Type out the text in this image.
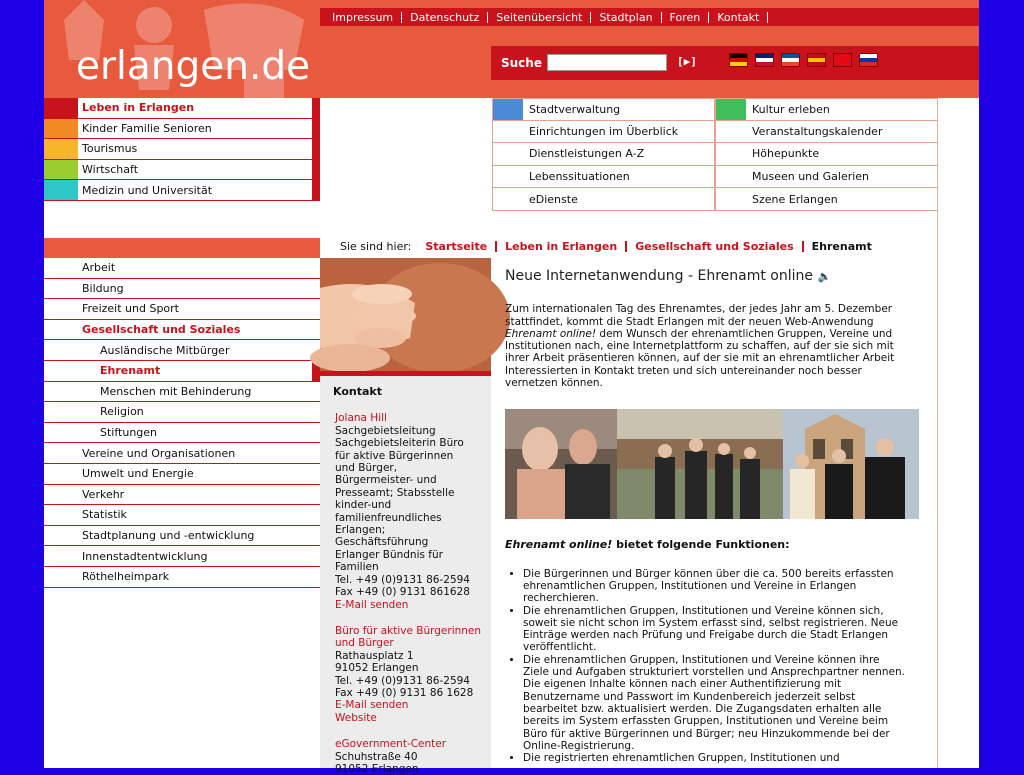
erlangen.de
Impressum	Datenschutz	Seitenübersicht	Stadtplan	Foren	Kontakt
Suche	[▶]
Leben in Erlangen
Kinder Familie Senioren
Tourismus
Wirtschaft
Medizin und Universität
Stadtverwaltung	Kultur erleben
Einrichtungen im Überblick	Veranstaltungskalender
Dienstleistungen A-Z	Höhepunkte
Lebenssituationen	Museen und Galerien
eDienste	Szene Erlangen
Arbeit
Bildung
Freizeit und Sport
Gesellschaft und Soziales
Ausländische Mitbürger
Ehrenamt
Menschen mit Behinderung
Religion
Stiftungen
Vereine und Organisationen
Umwelt und Energie
Verkehr
Statistik
Stadtplanung und -entwicklung
Innenstadtentwicklung
Röthelheimpark
Sie sind hier:	Startseite	Leben in Erlangen	Gesellschaft und Soziales	Ehrenamt
Kontakt

Jolana Hill
Sachgebietsleitung
Sachgebietsleiterin Büro
für aktive Bürgerinnen
und Bürger,
Bürgermeister- und
Presseamt; Stabsstelle
kinder-und
familienfreundliches
Erlangen;
Geschäftsführung
Erlanger Bündnis für
Familien
Tel. +49 (0)9131 86-2594
Fax +49 (0) 9131 861628
E-Mail senden

Büro für aktive Bürgerinnen und Bürger
Rathausplatz 1
91052 Erlangen
Tel. +49 (0)9131 86-2594
Fax +49 (0) 9131 86 1628
E-Mail senden
Website

eGovernment-Center
Schuhstraße 40
91052 Erlangen

Neue Internetanwendung - Ehrenamt online 🔈

Zum internationalen Tag des Ehrenamtes, der jedes Jahr am 5. Dezember stattfindet, kommt die Stadt Erlangen mit der neuen Web-Anwendung Ehrenamt online! dem Wunsch der ehrenamtlichen Gruppen, Vereine und Institutionen nach, eine Internetplattform zu schaffen, auf der sie sich mit ihrer Arbeit präsentieren können, auf der sie mit an ehrenamtlicher Arbeit Interessierten in Kontakt treten und sich untereinander noch besser vernetzen können.

Ehrenamt online! bietet folgende Funktionen:
• Die Bürgerinnen und Bürger können über die ca. 500 bereits erfassten ehrenamtlichen Gruppen, Institutionen und Vereine in Erlangen recherchieren.
• Die ehrenamtlichen Gruppen, Institutionen und Vereine können sich, soweit sie nicht schon im System erfasst sind, selbst registrieren. Neue Einträge werden nach Prüfung und Freigabe durch die Stadt Erlangen veröffentlicht.
• Die ehrenamtlichen Gruppen, Institutionen und Vereine können ihre Ziele und Aufgaben strukturiert vorstellen und Ansprechpartner nennen. Die eigenen Inhalte können nach einer Authentifizierung mit Benutzername und Passwort im Kundenbereich jederzeit selbst bearbeitet bzw. aktualisiert werden. Die Zugangsdaten erhalten alle bereits im System erfassten Gruppen, Institutionen und Vereine beim Büro für aktive Bürgerinnen und Bürger; neu Hinzukommende bei der Online-Registrierung.
• Die registrierten ehrenamtlichen Gruppen, Institutionen und
